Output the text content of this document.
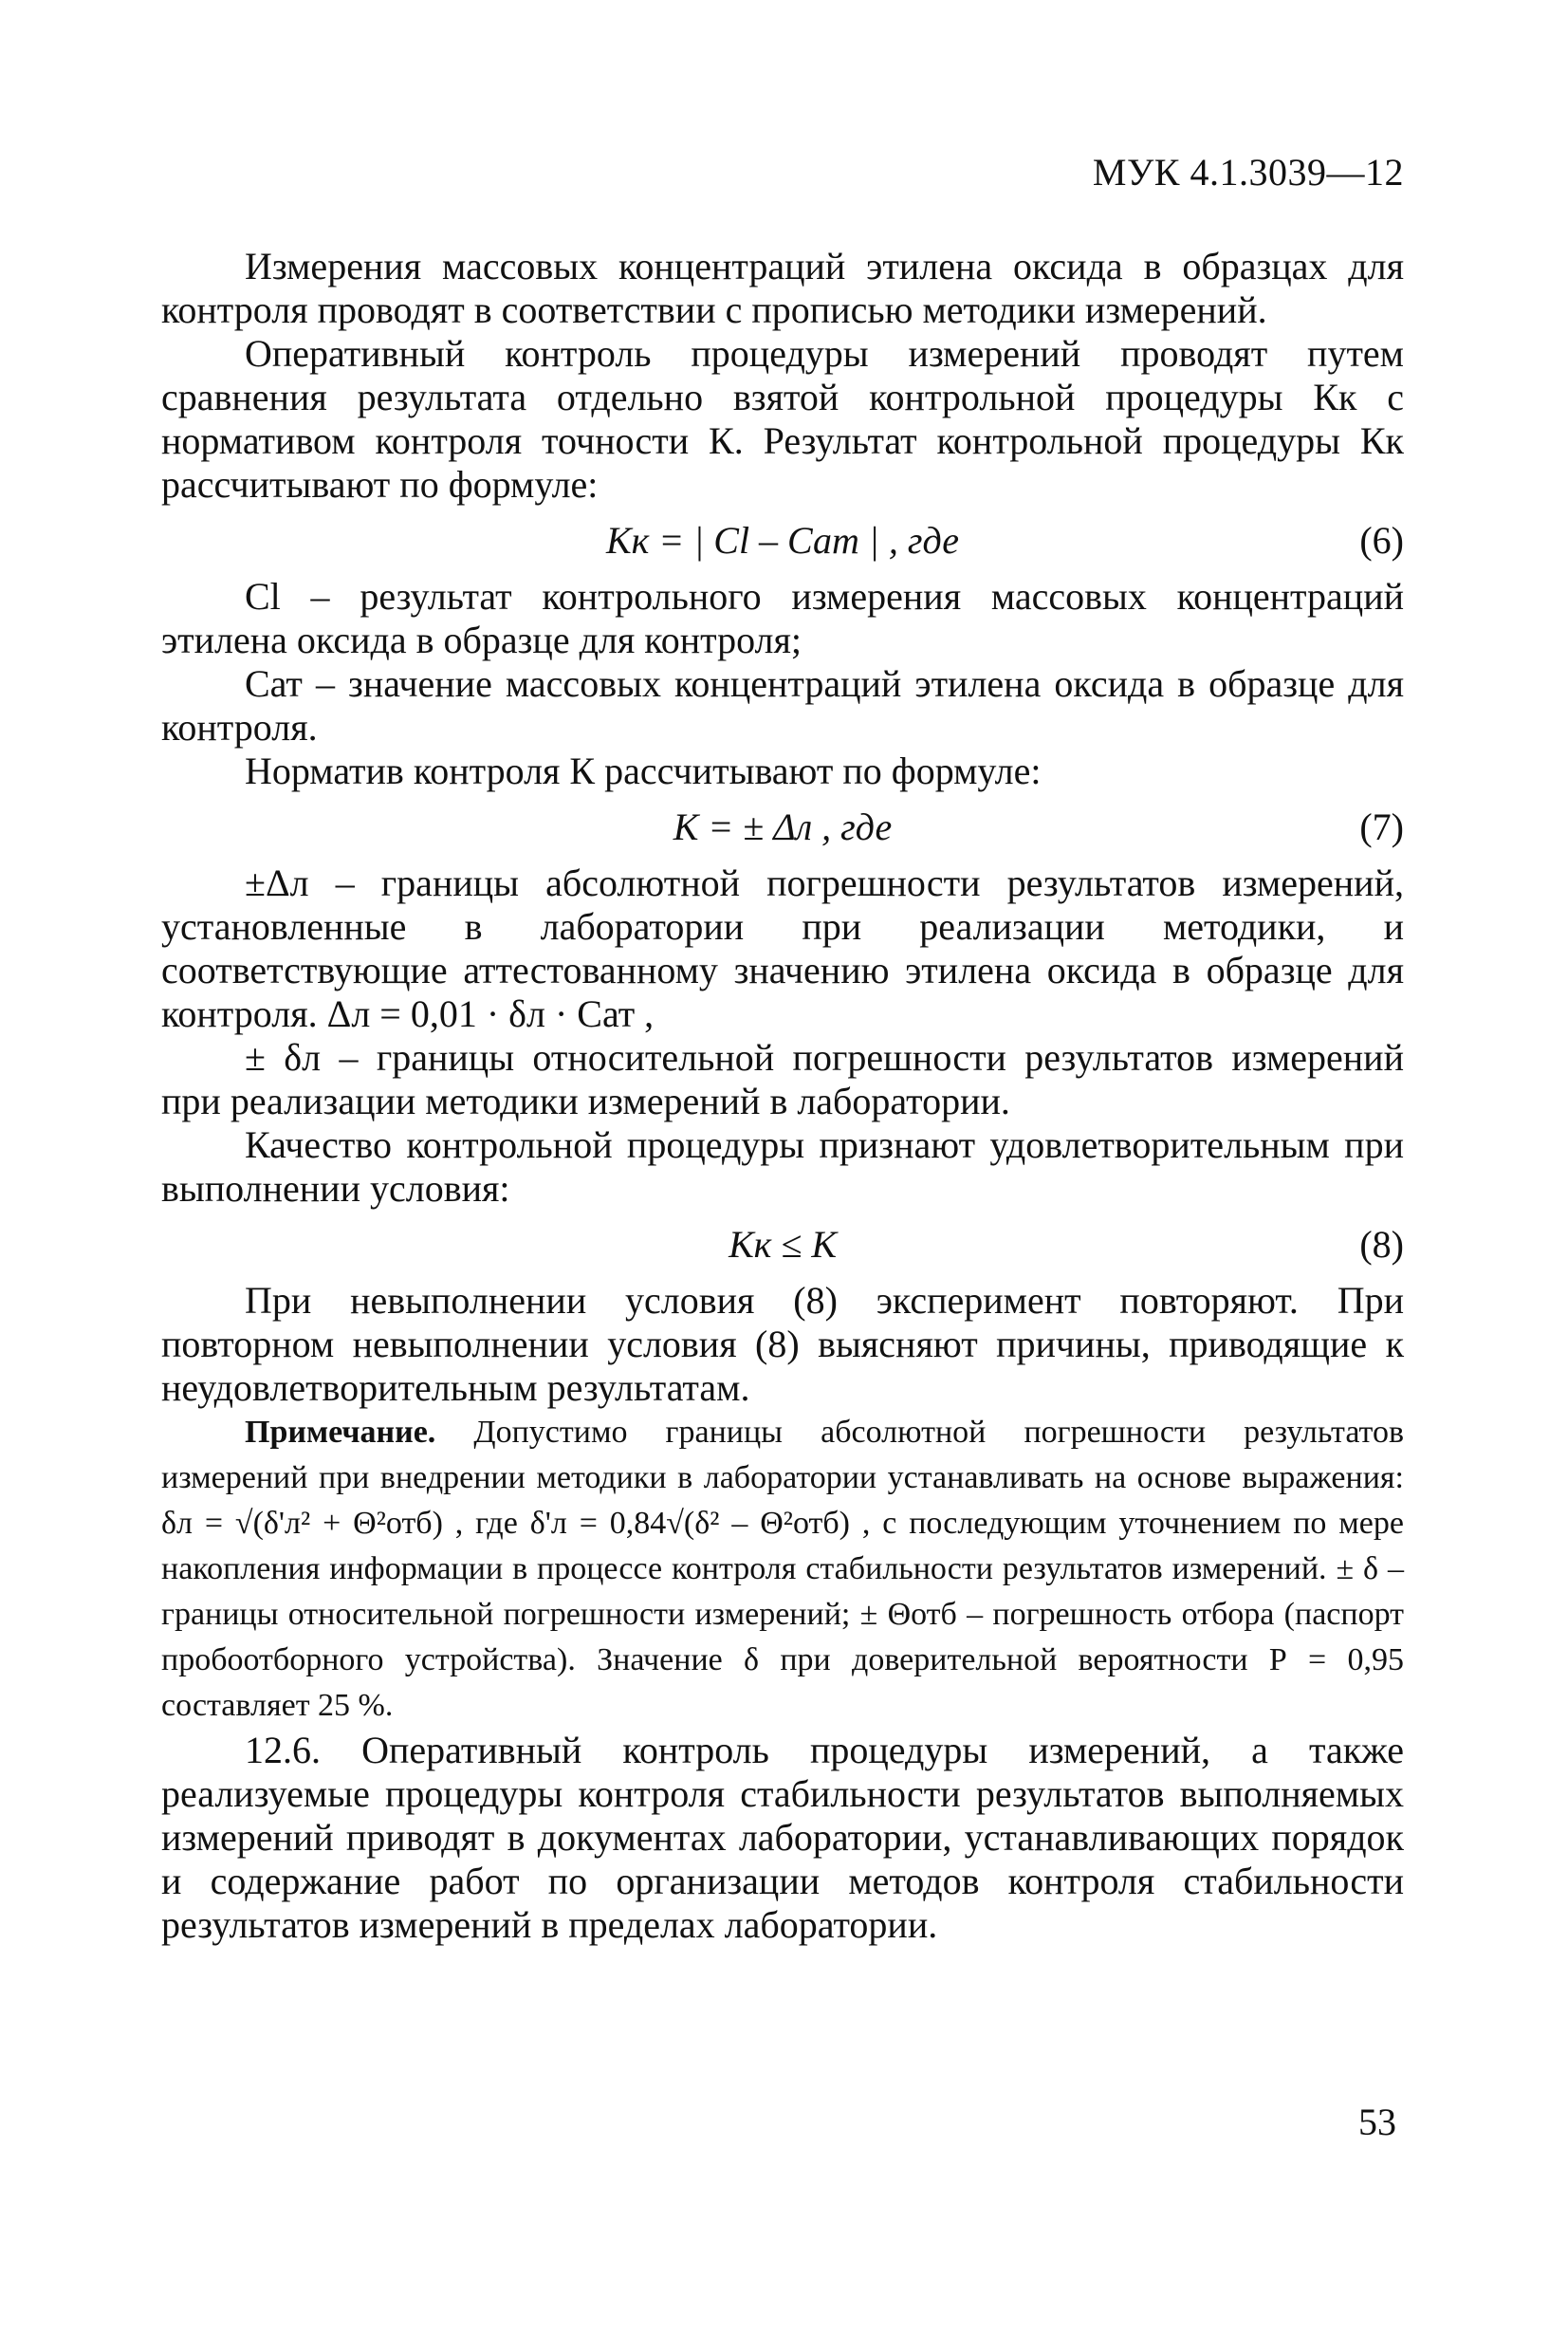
МУК 4.1.3039—12

Измерения массовых концентраций этилена оксида в образцах для контроля проводят в соответствии с прописью методики измерений.

Оперативный контроль процедуры измерений проводят путем сравнения результата отдельно взятой контрольной процедуры Кк с нормативом контроля точности К. Результат контрольной процедуры Кк рассчитывают по формуле:

Кк = | Сl – Сат | , где	(6)

Сl – результат контрольного измерения массовых концентраций этилена оксида в образце для контроля;

Сат – значение массовых концентраций этилена оксида в образце для контроля.

Норматив контроля К рассчитывают по формуле:

К = ± Δл , где	(7)

±Δл – границы абсолютной погрешности результатов измерений, установленные в лаборатории при реализации методики, и соответствующие аттестованному значению этилена оксида в образце для контроля. Δл = 0,01 · δл · Сат ,

± δл – границы относительной погрешности результатов измерений при реализации методики измерений в лаборатории.

Качество контрольной процедуры признают удовлетворительным при выполнении условия:

Кк ≤ К	(8)

При невыполнении условия (8) эксперимент повторяют. При повторном невыполнении условия (8) выясняют причины, приводящие к неудовлетворительным результатам.

Примечание. Допустимо границы абсолютной погрешности результатов измерений при внедрении методики в лаборатории устанавливать на основе выражения: δл = √(δ'л² + Θ²отб) , где δ'л = 0,84√(δ² – Θ²отб) , с последующим уточнением по мере накопления информации в процессе контроля стабильности результатов измерений. ± δ – границы относительной погрешности измерений; ± Θотб – погрешность отбора (паспорт пробоотборного устройства). Значение δ при доверительной вероятности Р = 0,95 составляет 25 %.

12.6. Оперативный контроль процедуры измерений, а также реализуемые процедуры контроля стабильности результатов выполняемых измерений приводят в документах лаборатории, устанавливающих порядок и содержание работ по организации методов контроля стабильности результатов измерений в пределах лаборатории.

53
